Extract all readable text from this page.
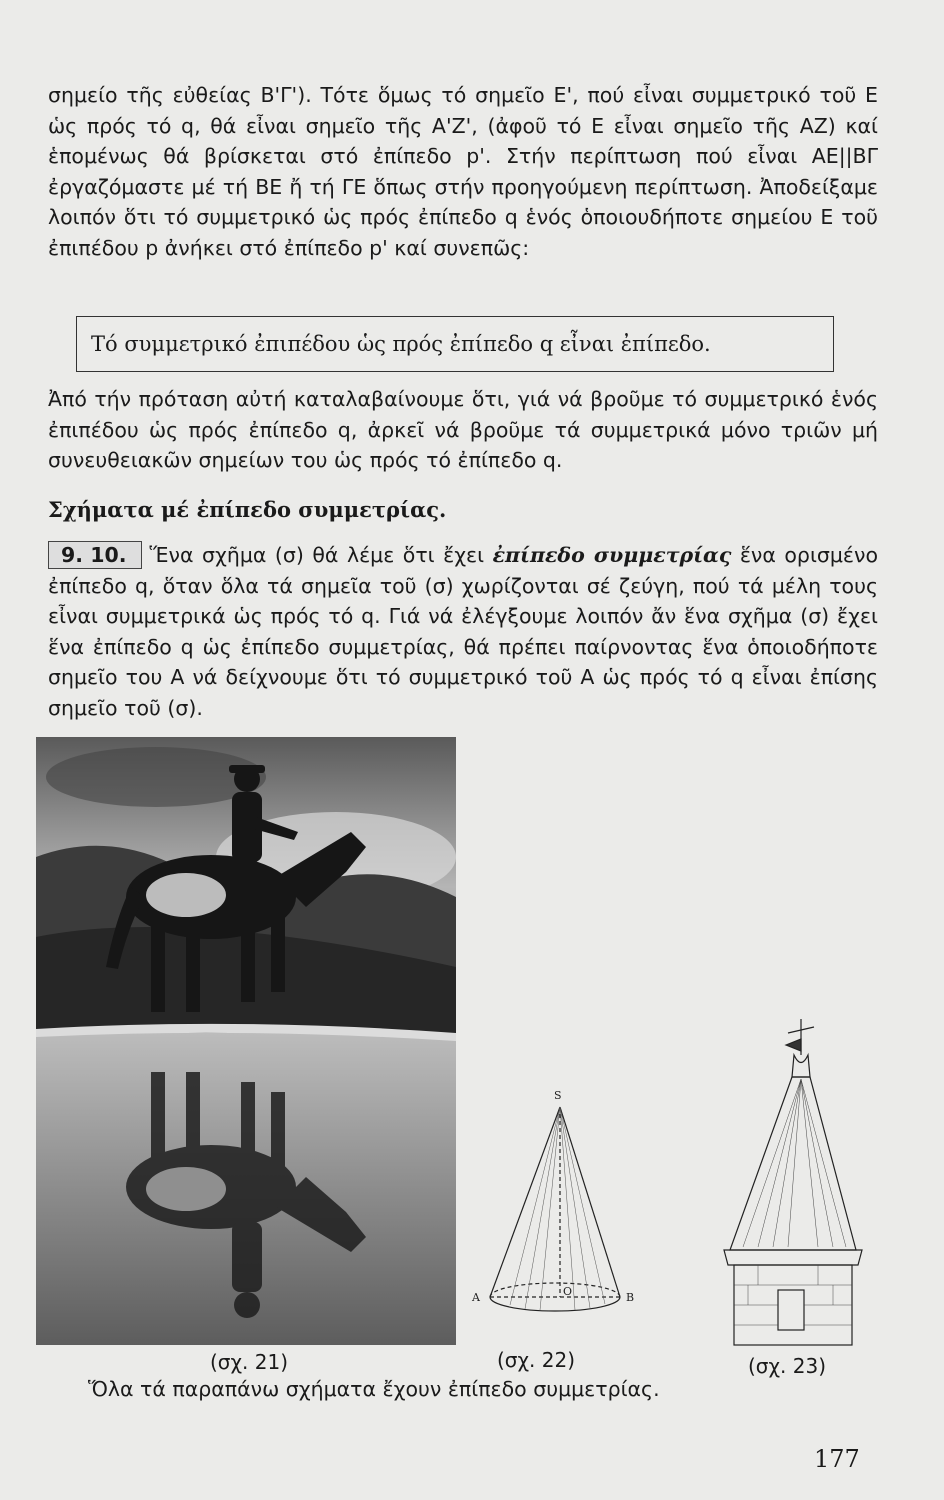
σημείο τῆς εὐθείας Β'Γ'). Τότε ὅμως τό σημεῖο Ε', πού εἶναι συμμετρικό τοῦ Ε ὡς πρός τό q, θά εἶναι σημεῖο τῆς Α'Ζ', (ἀφοῦ τό Ε εἶναι σημεῖο τῆς ΑΖ) καί ἑπομένως θά βρίσκεται στό ἐπίπεδο p'. Στήν περίπτωση πού εἶναι ΑΕ||ΒΓ ἐργαζόμαστε μέ τή ΒΕ ἤ τή ΓΕ ὅπως στήν προηγούμενη περίπτωση. Ἀποδείξαμε λοιπόν ὅτι τό συμμετρικό ὡς πρός ἐπίπεδο q ἑνός ὁποιουδήποτε σημείου Ε τοῦ ἐπιπέδου p ἀνήκει στό ἐπίπεδο p' καί συνεπῶς:

Τό συμμετρικό ἐπιπέδου ὡς πρός ἐπίπεδο q εἶναι ἐπίπεδο.

Ἀπό τήν πρόταση αὐτή καταλαβαίνουμε ὅτι, γιά νά βροῦμε τό συμμετρικό ἑνός ἐπιπέδου ὡς πρός ἐπίπεδο q, ἀρκεῖ νά βροῦμε τά συμμετρικά μόνο τριῶν μή συνευθειακῶν σημείων του ὡς πρός τό ἐπίπεδο q.

Σχήματα μέ ἐπίπεδο συμμετρίας.

9. 10. Ἕνα σχῆμα (σ) θά λέμε ὅτι ἔχει ἐπίπεδο συμμετρίας ἕνα ορισμένο ἐπίπεδο q, ὅταν ὅλα τά σημεῖα τοῦ (σ) χωρίζονται σέ ζεύγη, πού τά μέλη τους εἶναι συμμετρικά ὡς πρός τό q. Γιά νά ἐλέγξουμε λοιπόν ἄν ἕνα σχῆμα (σ) ἔχει ἕνα ἐπίπεδο q ὡς ἐπίπεδο συμμετρίας, θά πρέπει παίρνοντας ἕνα ὁποιοδήποτε σημεῖο του Α νά δείχνουμε ὅτι τό συμμετρικό τοῦ Α ὡς πρός τό q εἶναι ἐπίσης σημεῖο τοῦ (σ).

S
A	O	B

(σχ. 21)	(σχ. 22)	(σχ. 23)

Ὅλα τά παραπάνω σχήματα ἔχουν ἐπίπεδο συμμετρίας.

177
